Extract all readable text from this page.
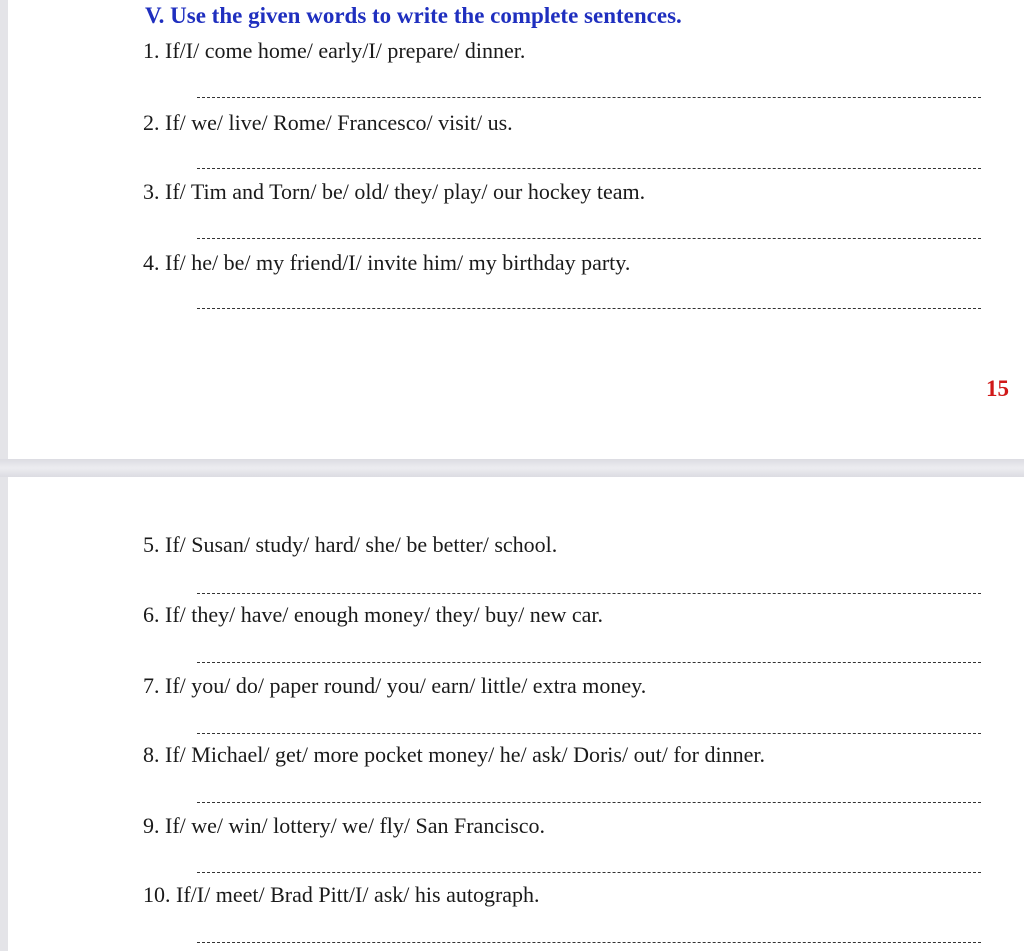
V. Use the given words to write the complete sentences.
1. If/I/ come home/ early/I/ prepare/ dinner.
2. If/ we/ live/ Rome/ Francesco/ visit/ us.
3. If/ Tim and Torn/ be/ old/ they/ play/ our hockey team.
4. If/ he/ be/ my friend/I/ invite him/ my birthday party.
15
5. If/ Susan/ study/ hard/ she/ be better/ school.
6. If/ they/ have/ enough money/ they/ buy/ new car.
7. If/ you/ do/ paper round/ you/ earn/ little/ extra money.
8. If/ Michael/ get/ more pocket money/ he/ ask/ Doris/ out/ for dinner.
9. If/ we/ win/ lottery/ we/ fly/ San Francisco.
10. If/I/ meet/ Brad Pitt/I/ ask/ his autograph.
